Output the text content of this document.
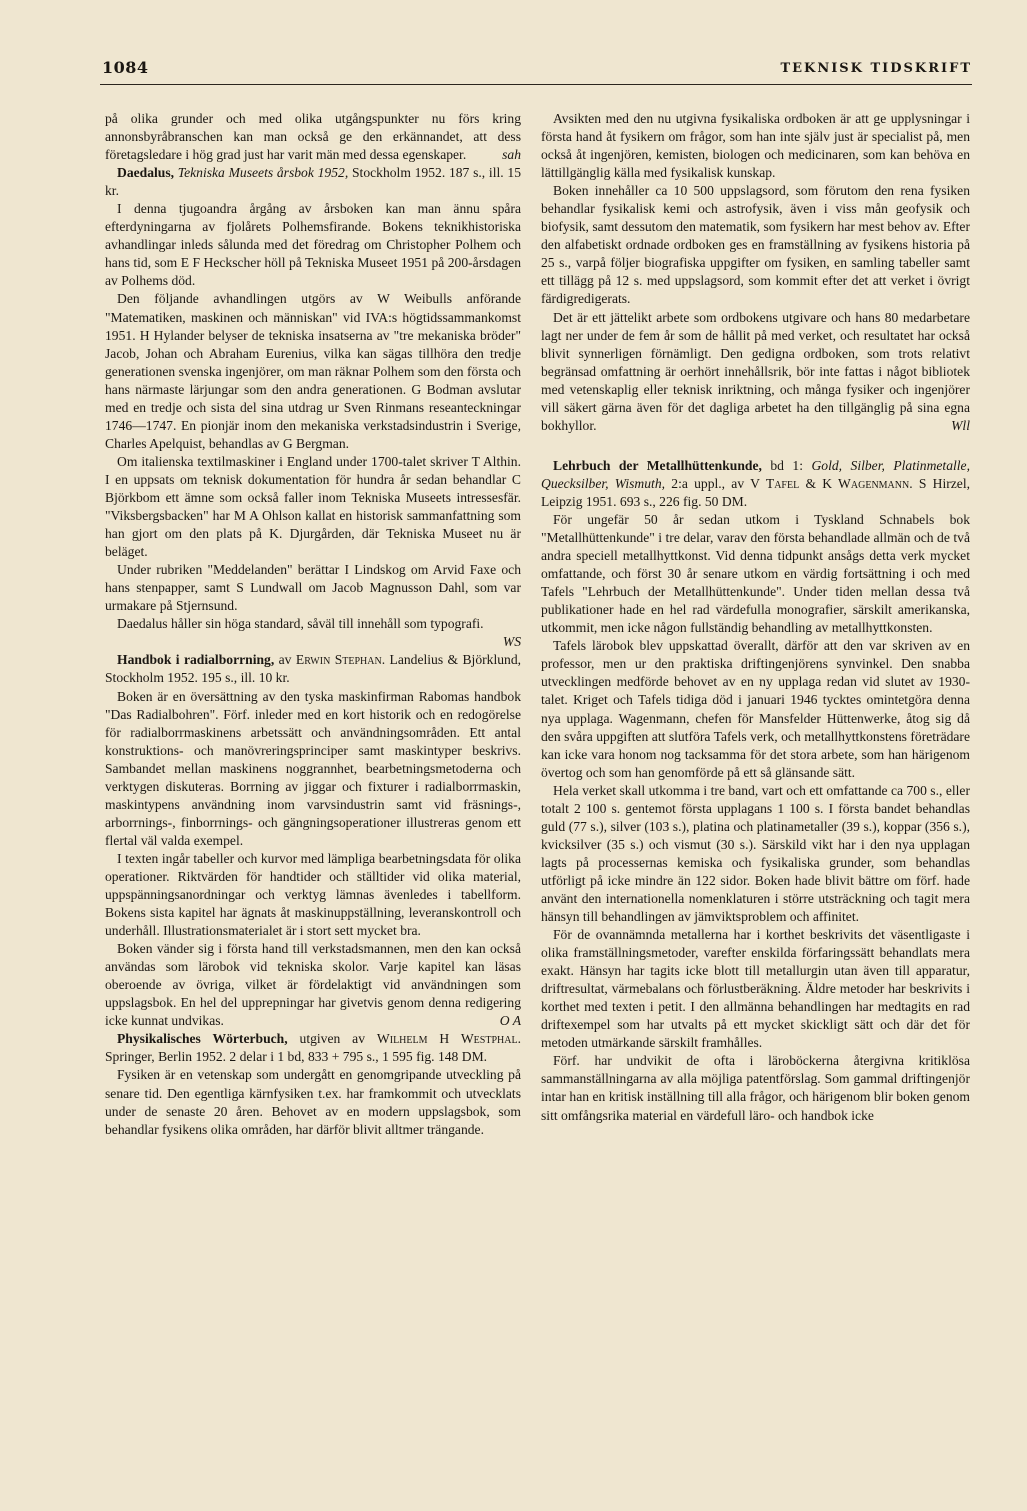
1084	TEKNISK TIDSKRIFT

på olika grunder och med olika utgångspunkter nu förs kring annonsbyråbranschen kan man också ge den erkännandet, att dess företagsledare i hög grad just har varit män med dessa egenskaper.	sah

Daedalus, Tekniska Museets årsbok 1952, Stockholm 1952. 187 s., ill. 15 kr.

I denna tjugoandra årgång av årsboken kan man ännu spåra efterdyningarna av fjolårets Polhemsfirande. Bokens teknikhistoriska avhandlingar inleds sålunda med det föredrag om Christopher Polhem och hans tid, som E F Heckscher höll på Tekniska Museet 1951 på 200-årsdagen av Polhems död.

Den följande avhandlingen utgörs av W Weibulls anförande "Matematiken, maskinen och människan" vid IVA:s högtidssammankomst 1951. H Hylander belyser de tekniska insatserna av "tre mekaniska bröder" Jacob, Johan och Abraham Eurenius, vilka kan sägas tillhöra den tredje generationen svenska ingenjörer, om man räknar Polhem som den första och hans närmaste lärjungar som den andra generationen. G Bodman avslutar med en tredje och sista del sina utdrag ur Sven Rinmans reseanteckningar 1746—1747. En pionjär inom den mekaniska verkstadsindustrin i Sverige, Charles Apelquist, behandlas av G Bergman.

Om italienska textilmaskiner i England under 1700-talet skriver T Althin. I en uppsats om teknisk dokumentation för hundra år sedan behandlar C Björkbom ett ämne som också faller inom Tekniska Museets intressesfär. "Viksbergsbacken" har M A Ohlson kallat en historisk sammanfattning som han gjort om den plats på K. Djurgården, där Tekniska Museet nu är beläget.

Under rubriken "Meddelanden" berättar I Lindskog om Arvid Faxe och hans stenpapper, samt S Lundwall om Jacob Magnusson Dahl, som var urmakare på Stjernsund.

Daedalus håller sin höga standard, såväl till innehåll som typografi.
WS

Handbok i radialborrning, av Erwin Stephan. Landelius & Björklund, Stockholm 1952. 195 s., ill. 10 kr.

Boken är en översättning av den tyska maskinfirman Rabomas handbok "Das Radialbohren". Förf. inleder med en kort historik och en redogörelse för radialborrmaskinens arbetssätt och användningsområden. Ett antal konstruktions- och manövreringsprinciper samt maskintyper beskrivs. Sambandet mellan maskinens noggrannhet, bearbetningsmetoderna och verktygen diskuteras. Borrning av jiggar och fixturer i radialborrmaskin, maskintypens användning inom varvsindustrin samt vid fräsnings-, arborrnings-, finborrnings- och gängningsoperationer illustreras genom ett flertal väl valda exempel.

I texten ingår tabeller och kurvor med lämpliga bearbetningsdata för olika operationer. Riktvärden för handtider och ställtider vid olika material, uppspänningsanordningar och verktyg lämnas ävenledes i tabellform. Bokens sista kapitel har ägnats åt maskinuppställning, leveranskontroll och underhåll. Illustrationsmaterialet är i stort sett mycket bra.

Boken vänder sig i första hand till verkstadsmannen, men den kan också användas som lärobok vid tekniska skolor. Varje kapitel kan läsas oberoende av övriga, vilket är fördelaktigt vid användningen som uppslagsbok. En hel del upprepningar har givetvis genom denna redigering icke kunnat undvikas.	O A

Physikalisches Wörterbuch, utgiven av Wilhelm H Westphal. Springer, Berlin 1952. 2 delar i 1 bd, 833 + 795 s., 1 595 fig. 148 DM.

Fysiken är en vetenskap som undergått en genomgripande utveckling på senare tid. Den egentliga kärnfysiken t.ex. har framkommit och utvecklats under de senaste 20 åren. Behovet av en modern uppslagsbok, som behandlar fysikens olika områden, har därför blivit alltmer trängande.

Avsikten med den nu utgivna fysikaliska ordboken är att ge upplysningar i första hand åt fysikern om frågor, som han inte själv just är specialist på, men också åt ingenjören, kemisten, biologen och medicinaren, som kan behöva en lättillgänglig källa med fysikalisk kunskap.

Boken innehåller ca 10 500 uppslagsord, som förutom den rena fysiken behandlar fysikalisk kemi och astrofysik, även i viss mån geofysik och biofysik, samt dessutom den matematik, som fysikern har mest behov av. Efter den alfabetiskt ordnade ordboken ges en framställning av fysikens historia på 25 s., varpå följer biografiska uppgifter om fysiken, en samling tabeller samt ett tillägg på 12 s. med uppslagsord, som kommit efter det att verket i övrigt färdigredigerats.

Det är ett jättelikt arbete som ordbokens utgivare och hans 80 medarbetare lagt ner under de fem år som de hållit på med verket, och resultatet har också blivit synnerligen förnämligt. Den gedigna ordboken, som trots relativt begränsad omfattning är oerhört innehållsrik, bör inte fattas i något bibliotek med vetenskaplig eller teknisk inriktning, och många fysiker och ingenjörer vill säkert gärna även för det dagliga arbetet ha den tillgänglig på sina egna bokhyllor.	Wll

Lehrbuch der Metallhüttenkunde, bd 1: Gold, Silber, Platinmetalle, Quecksilber, Wismuth, 2:a uppl., av V Tafel & K Wagenmann. S Hirzel, Leipzig 1951. 693 s., 226 fig. 50 DM.

För ungefär 50 år sedan utkom i Tyskland Schnabels bok "Metallhüttenkunde" i tre delar, varav den första behandlade allmän och de två andra speciell metallhyttkonst. Vid denna tidpunkt ansågs detta verk mycket omfattande, och först 30 år senare utkom en värdig fortsättning i och med Tafels "Lehrbuch der Metallhüttenkunde". Under tiden mellan dessa två publikationer hade en hel rad värdefulla monografier, särskilt amerikanska, utkommit, men icke någon fullständig behandling av metallhyttkonsten.

Tafels lärobok blev uppskattad överallt, därför att den var skriven av en professor, men ur den praktiska driftingenjörens synvinkel. Den snabba utvecklingen medförde behovet av en ny upplaga redan vid slutet av 1930-talet. Kriget och Tafels tidiga död i januari 1946 tycktes omintetgöra denna nya upplaga. Wagenmann, chefen för Mansfelder Hüttenwerke, åtog sig då den svåra uppgiften att slutföra Tafels verk, och metallhyttkonstens företrädare kan icke vara honom nog tacksamma för det stora arbete, som han härigenom övertog och som han genomförde på ett så glänsande sätt.

Hela verket skall utkomma i tre band, vart och ett omfattande ca 700 s., eller totalt 2 100 s. gentemot första upplagans 1 100 s. I första bandet behandlas guld (77 s.), silver (103 s.), platina och platinametaller (39 s.), koppar (356 s.), kvicksilver (35 s.) och vismut (30 s.). Särskild vikt har i den nya upplagan lagts på processernas kemiska och fysikaliska grunder, som behandlas utförligt på icke mindre än 122 sidor. Boken hade blivit bättre om förf. hade använt den internationella nomenklaturen i större utsträckning och tagit mera hänsyn till behandlingen av jämviktsproblem och affinitet.

För de ovannämnda metallerna har i korthet beskrivits det väsentligaste i olika framställningsmetoder, varefter enskilda förfaringssätt behandlats mera exakt. Hänsyn har tagits icke blott till metallurgin utan även till apparatur, driftresultat, värmebalans och förlustberäkning. Äldre metoder har beskrivits i korthet med texten i petit. I den allmänna behandlingen har medtagits en rad driftexempel som har utvalts på ett mycket skickligt sätt och där det för metoden utmärkande särskilt framhålles.

Förf. har undvikit de ofta i läroböckerna återgivna kritiklösa sammanställningarna av alla möjliga patentförslag. Som gammal driftingenjör intar han en kritisk inställning till alla frågor, och härigenom blir boken genom sitt omfångsrika material en värdefull läro- och handbok icke
